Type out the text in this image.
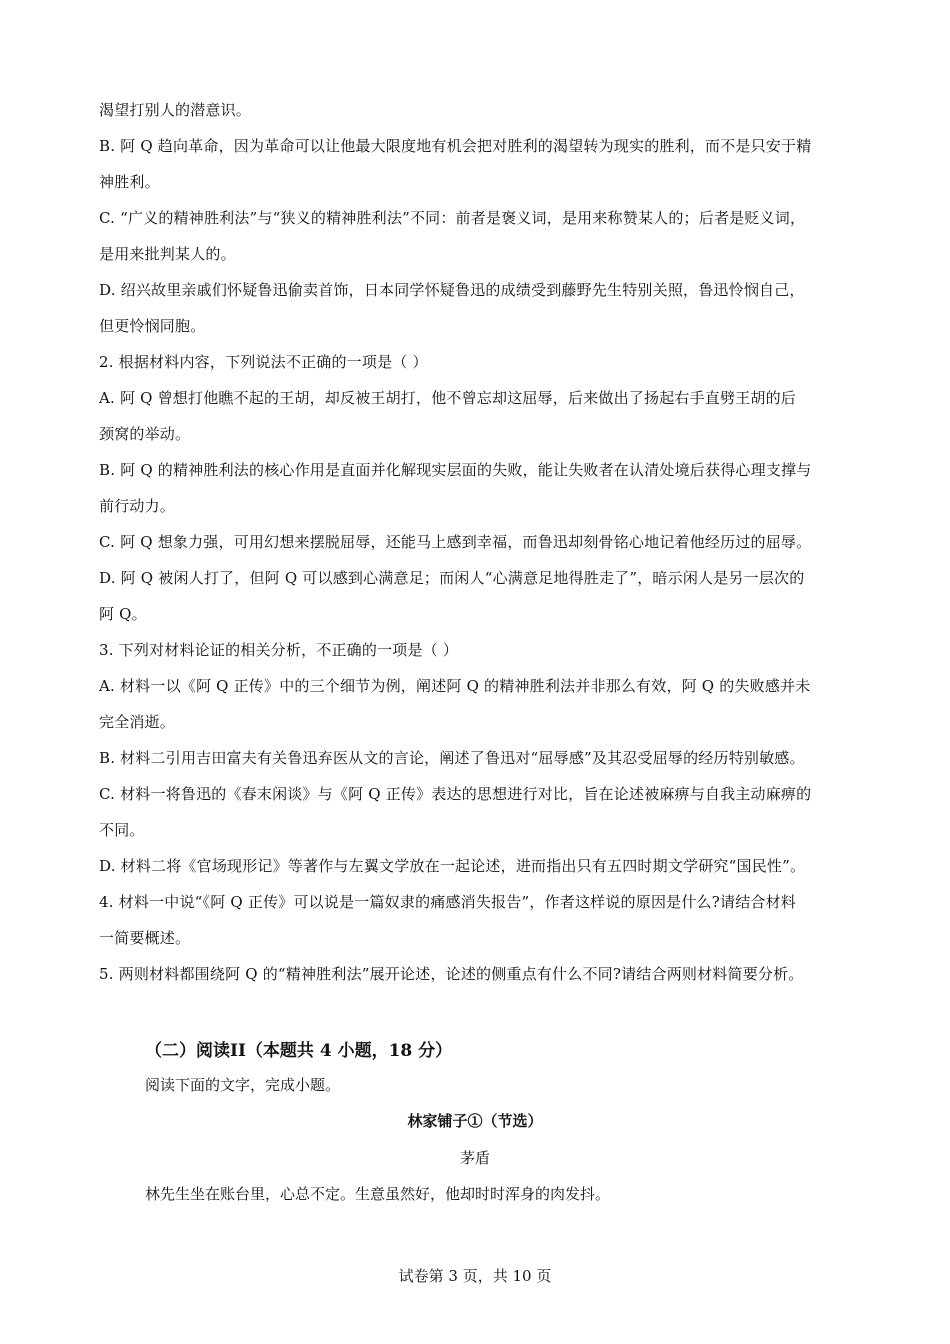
渴望打别人的潜意识。

B. 阿 Q 趋向革命，因为革命可以让他最大限度地有机会把对胜利的渴望转为现实的胜利，而不是只安于精

神胜利。

C. “广义的精神胜利法”与“狭义的精神胜利法”不同：前者是褒义词，是用来称赞某人的；后者是贬义词，

是用来批判某人的。

D. 绍兴故里亲戚们怀疑鲁迅偷卖首饰，日本同学怀疑鲁迅的成绩受到藤野先生特别关照，鲁迅怜悯自己，

但更怜悯同胞。

2. 根据材料内容，下列说法不正确的一项是（ ）

A. 阿 Q 曾想打他瞧不起的王胡，却反被王胡打，他不曾忘却这屈辱，后来做出了扬起右手直劈王胡的后

颈窝的举动。

B. 阿 Q 的精神胜利法的核心作用是直面并化解现实层面的失败，能让失败者在认清处境后获得心理支撑与

前行动力。

C. 阿 Q 想象力强，可用幻想来摆脱屈辱，还能马上感到幸福，而鲁迅却刻骨铭心地记着他经历过的屈辱。

D. 阿 Q 被闲人打了，但阿 Q 可以感到心满意足；而闲人“心满意足地得胜走了”，暗示闲人是另一层次的

阿 Q。

3. 下列对材料论证的相关分析，不正确的一项是（ ）

A. 材料一以《阿 Q 正传》中的三个细节为例，阐述阿 Q 的精神胜利法并非那么有效，阿 Q 的失败感并未

完全消逝。

B. 材料二引用吉田富夫有关鲁迅弃医从文的言论，阐述了鲁迅对“屈辱感”及其忍受屈辱的经历特别敏感。

C. 材料一将鲁迅的《春末闲谈》与《阿 Q 正传》表达的思想进行对比，旨在论述被麻痹与自我主动麻痹的

不同。

D. 材料二将《官场现形记》等著作与左翼文学放在一起论述，进而指出只有五四时期文学研究“国民性”。

4. 材料一中说“《阿 Q 正传》可以说是一篇奴隶的痛感消失报告”，作者这样说的原因是什么?请结合材料

一简要概述。

5. 两则材料都围绕阿 Q 的“精神胜利法”展开论述，论述的侧重点有什么不同?请结合两则材料简要分析。

（二）阅读II（本题共 4 小题，18 分）

阅读下面的文字，完成小题。

林家铺子①（节选）
茅盾

林先生坐在账台里，心总不定。生意虽然好，他却时时浑身的肉发抖。

试卷第 3 页，共 10 页
